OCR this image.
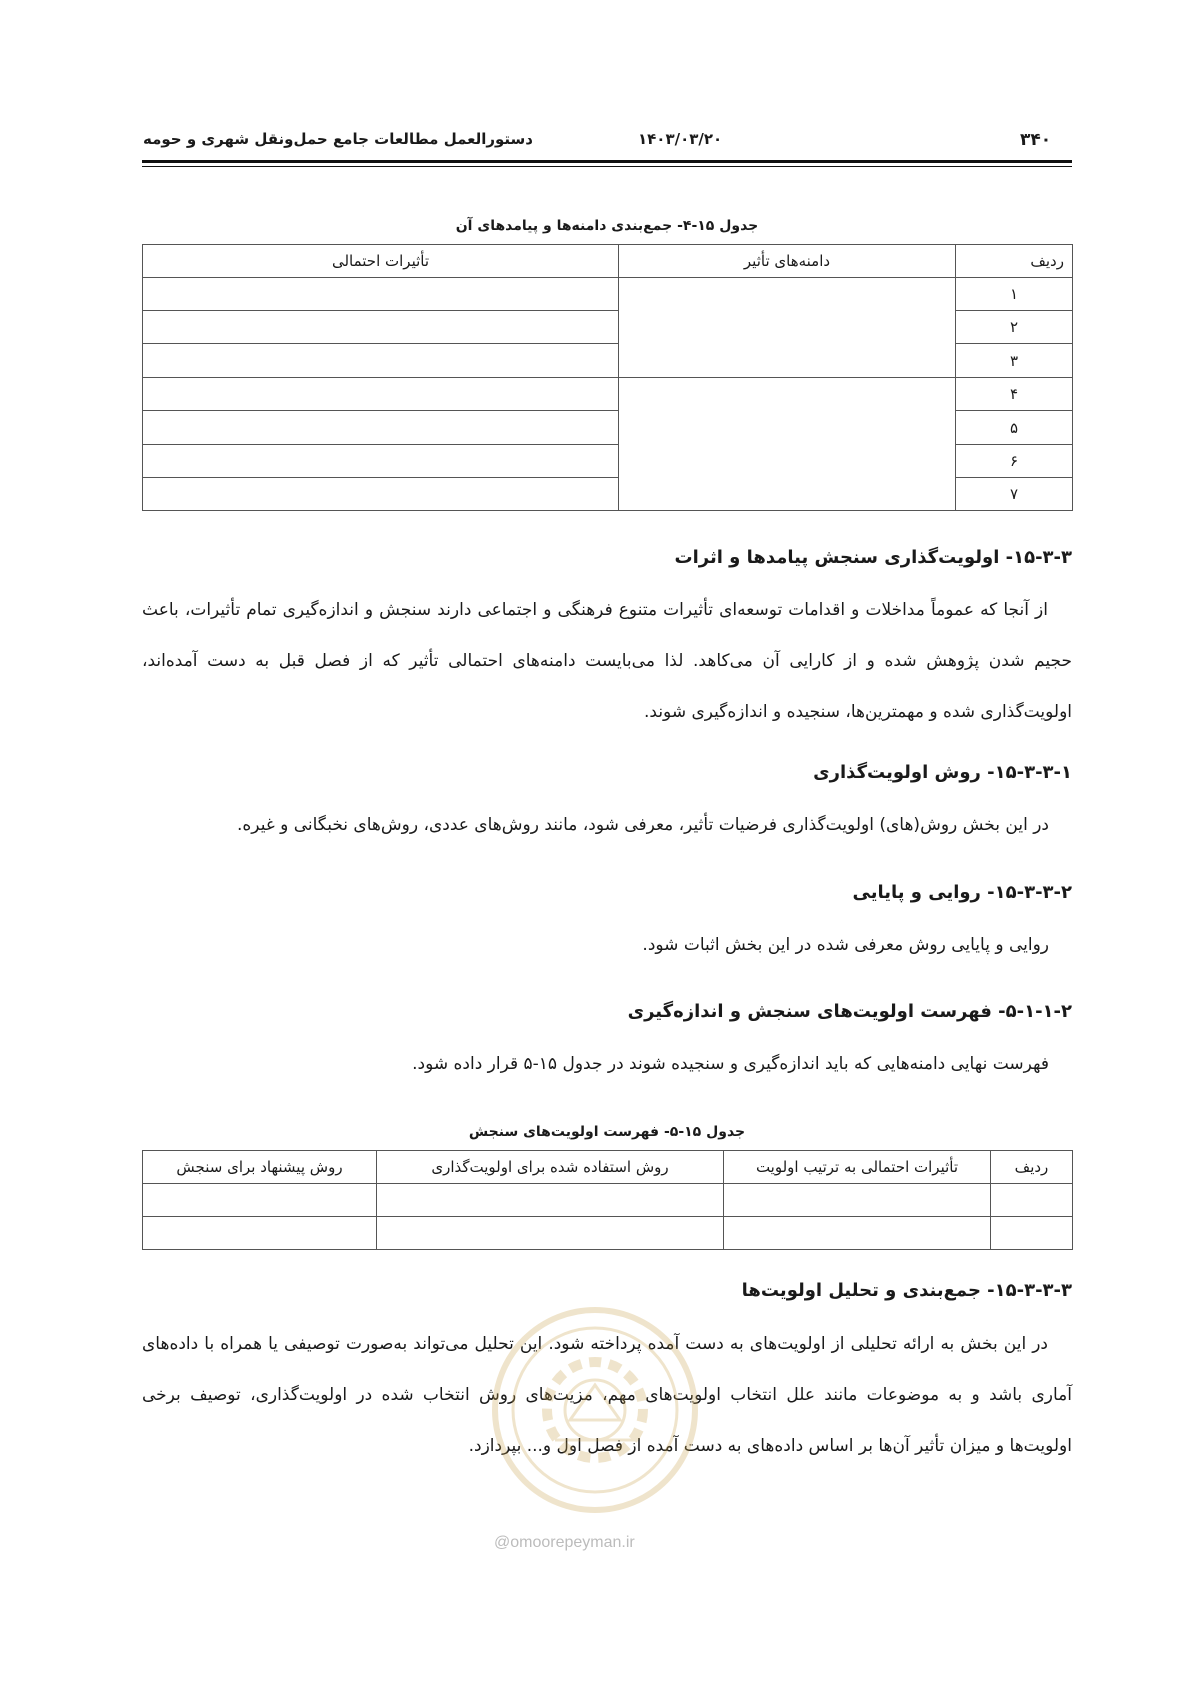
۳۴۰
۱۴۰۳/۰۳/۲۰
دستورالعمل مطالعات جامع حمل‌ونقل شهری و حومه
جدول ۱۵-۴- جمع‌بندی دامنه‌ها و پیامدهای آن
ردیف	دامنه‌های تأثیر	تأثیرات احتمالی
۱		
۲		
۳		
۴		
۵		
۶		
۷		
۱۵-۳-۳- اولویت‌گذاری سنجش پیامدها و اثرات
از آنجا که عموماً مداخلات و اقدامات توسعه‌ای تأثیرات متنوع فرهنگی و اجتماعی دارند سنجش و اندازه‌گیری تمام تأثیرات، باعث حجیم شدن پژوهش شده و از کارایی آن می‌کاهد. لذا می‌بایست دامنه‌های احتمالی تأثیر که از فصل قبل به دست آمده‌اند، اولویت‌گذاری شده و مهمترین‌ها، سنجیده و اندازه‌گیری شوند.
۱۵-۳-۳-۱- روش اولویت‌گذاری
در این بخش روش(های) اولویت‌گذاری فرضیات تأثیر، معرفی شود، مانند روش‌های عددی، روش‌های نخبگانی و غیره.
۱۵-۳-۳-۲- روایی و پایایی
روایی و پایایی روش معرفی شده در این بخش اثبات شود.
۵-۱-۱-۲- فهرست اولویت‌های سنجش و اندازه‌گیری
فهرست نهایی دامنه‌هایی که باید اندازه‌گیری و سنجیده شوند در جدول ۱۵-۵ قرار داده شود.
جدول ۱۵-۵- فهرست اولویت‌های سنجش
ردیف	تأثیرات احتمالی به ترتیب اولویت	روش استفاده شده برای اولویت‌گذاری	روش پیشنهاد برای سنجش

۱۵-۳-۳-۳- جمع‌بندی و تحلیل اولویت‌ها
در این بخش به ارائه تحلیلی از اولویت‌های به دست آمده پرداخته شود. این تحلیل می‌تواند به‌صورت توصیفی یا همراه با داده‌های آماری باشد و به موضوعات مانند علل انتخاب اولویت‌های مهم، مزیت‌های روش انتخاب شده در اولویت‌گذاری، توصیف برخی اولویت‌ها و میزان تأثیر آن‌ها بر اساس داده‌های به دست آمده از فصل اول و... بپردازد.
@omoorepeyman.ir
